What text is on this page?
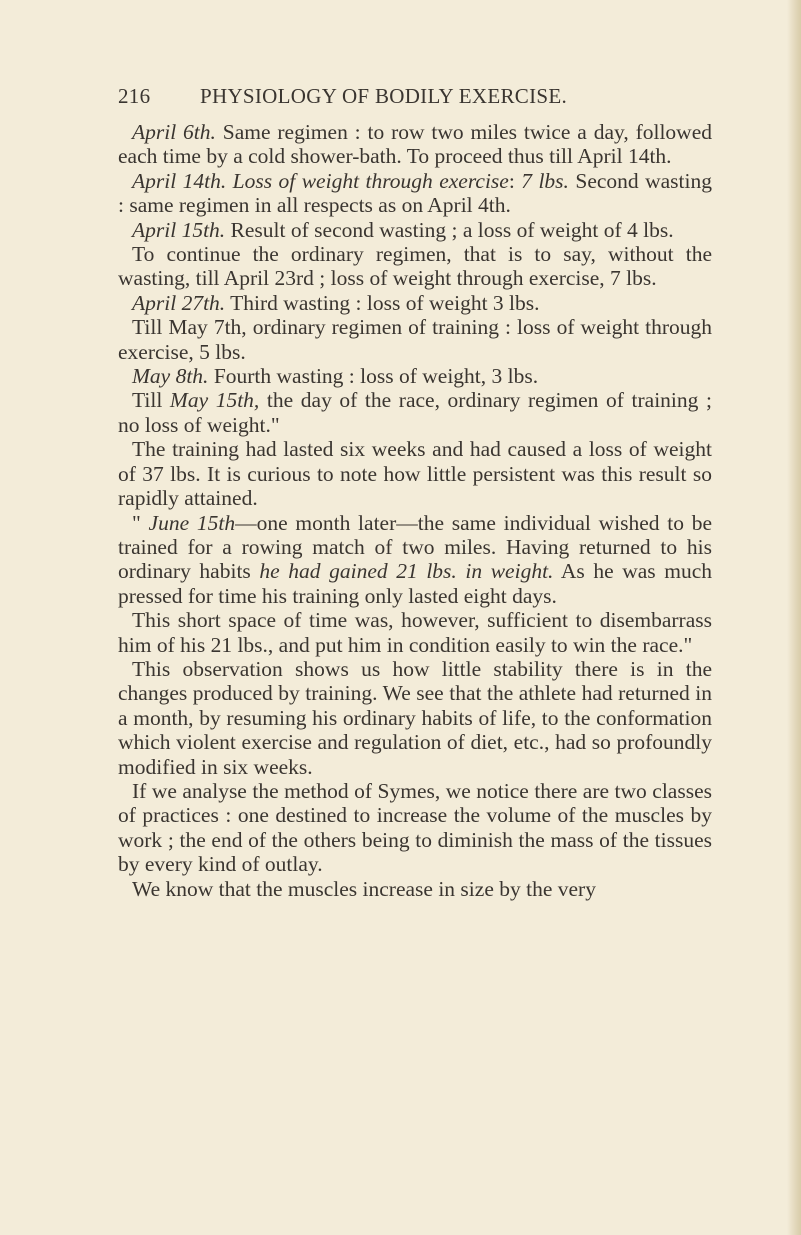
216 PHYSIOLOGY OF BODILY EXERCISE.

April 6th. Same regimen : to row two miles twice a day, followed each time by a cold shower-bath. To proceed thus till April 14th.

April 14th. Loss of weight through exercise: 7 lbs. Second wasting : same regimen in all respects as on April 4th.

April 15th. Result of second wasting ; a loss of weight of 4 lbs.

To continue the ordinary regimen, that is to say, without the wasting, till April 23rd ; loss of weight through exercise, 7 lbs.

April 27th. Third wasting : loss of weight 3 lbs.

Till May 7th, ordinary regimen of training : loss of weight through exercise, 5 lbs.

May 8th. Fourth wasting : loss of weight, 3 lbs.

Till May 15th, the day of the race, ordinary regimen of training ; no loss of weight."

The training had lasted six weeks and had caused a loss of weight of 37 lbs. It is curious to note how little persistent was this result so rapidly attained.

" June 15th—one month later—the same individual wished to be trained for a rowing match of two miles. Having returned to his ordinary habits he had gained 21 lbs. in weight. As he was much pressed for time his training only lasted eight days.

This short space of time was, however, sufficient to disembarrass him of his 21 lbs., and put him in condition easily to win the race."

This observation shows us how little stability there is in the changes produced by training. We see that the athlete had returned in a month, by resuming his ordinary habits of life, to the conformation which violent exercise and regulation of diet, etc., had so profoundly modified in six weeks.

If we analyse the method of Symes, we notice there are two classes of practices : one destined to increase the volume of the muscles by work ; the end of the others being to diminish the mass of the tissues by every kind of outlay.

We know that the muscles increase in size by the very
